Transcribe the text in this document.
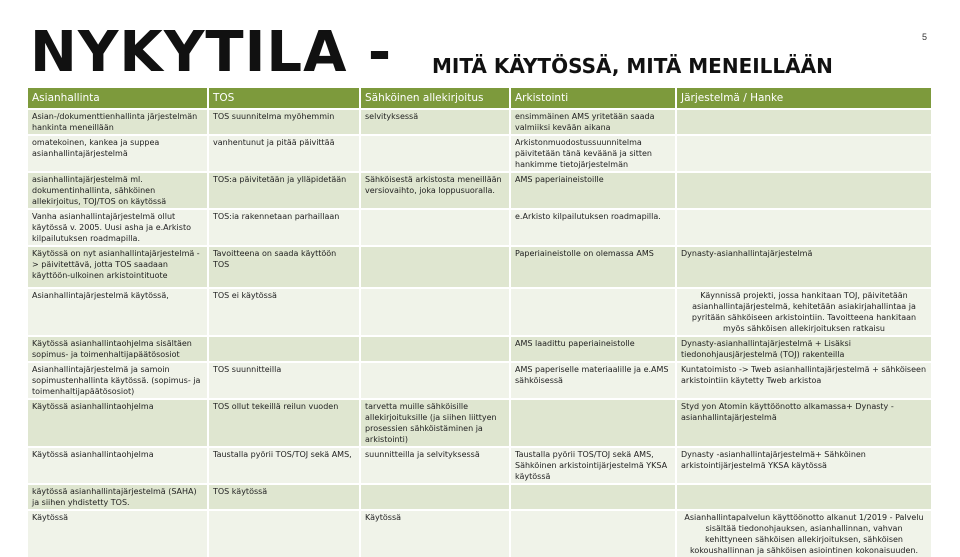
NYKYTILA - MITÄ KÄYTÖSSÄ, MITÄ MENEILLÄÄN
5
Asianhallinta	TOS	Sähköinen allekirjoitus	Arkistointi	Järjestelmä / Hanke
Asian-/dokumenttienhallinta järjestelmän hankinta meneillään	TOS suunnitelma myöhemmin	selvityksessä	ensimmäinen AMS yritetään saada valmiiksi kevään aikana	
omatekoinen, kankea ja suppea asianhallintajärjestelmä	vanhentunut ja pitää päivittää		Arkistonmuodostussuunnitelma päivitetään tänä keväänä ja sitten hankimme tietojärjestelmän	
asianhallintajärjestelmä ml. dokumentinhallinta, sähköinen allekirjoitus, TOJ/TOS on käytössä	TOS:a päivitetään ja ylläpidetään	Sähköisestä arkistosta meneillään versiovaihto, joka loppusuoralla.	AMS paperiaineistoille	
Vanha asianhallintajärjestelmä ollut käytössä v. 2005. Uusi asha ja e.Arkisto kilpailutuksen roadmapilla.	TOS:ia rakennetaan parhaillaan		e.Arkisto kilpailutuksen roadmapilla.	
Käytössä on nyt asianhallintajärjestelmä -> päivitettävä, jotta TOS saadaan käyttöön-ulkoinen arkistointituote	Tavoitteena on saada käyttöön TOS		Paperiaineistolle on olemassa AMS	Dynasty-asianhallintajärjestelmä
Asianhallintajärjestelmä käytössä,	TOS ei käytössä			Käynnissä projekti, jossa hankitaan TOJ, päivitetään asianhallintajärjestelmä, kehitetään asiakirjahallintaa ja pyritään sähköiseen arkistointiin. Tavoitteena hankitaan myös sähköisen allekirjoituksen ratkaisu
Käytössä asianhallintaohjelma sisältäen sopimus- ja toimenhaltijapäätösosiot			AMS laadittu paperiaineistolle	Dynasty-asianhallintajärjestelmä + Lisäksi tiedonohjausjärjestelmä (TOJ) rakenteilla
Asianhallintajärjestelmä ja samoin sopimustenhallinta käytössä. (sopimus- ja toimenhaltijapäätösosiot)	TOS suunnitteilla		AMS paperiselle materiaalille ja e.AMS sähköisessä	Kuntatoimisto -> Tweb asianhallintajärjestelmä + sähköiseen arkistointiin käytetty Tweb arkistoa
Käytössä asianhallintaohjelma	TOS ollut tekeillä reilun vuoden	tarvetta muille sähköisille allekirjoituksille (ja siihen liittyen prosessien sähköistäminen ja arkistointi)		Styd yon Atomin käyttöönotto alkamassa+ Dynasty -asianhallintajärjestelmä
Käytössä asianhallintaohjelma	Taustalla pyörii TOS/TOJ sekä AMS,	suunnitteilla ja selvityksessä	Taustalla pyörii TOS/TOJ sekä AMS, Sähköinen arkistointijärjestelmä YKSA käytössä	Dynasty -asianhallintajärjestelmä+ Sähköinen arkistointijärjestelmä YKSA käytössä
käytössä asianhallintajärjestelmä (SAHA) ja siihen yhdistetty TOS.	TOS käytössä			
Käytössä		Käytössä		Asianhallintapalvelun käyttöönotto alkanut 1/2019 - Palvelu sisältää tiedonohjauksen, asianhallinnan, vahvan kehittyneen sähköisen allekirjoituksen, sähköisen kokoushallinnan ja sähköisen asiointinen kokonaisuuden.
